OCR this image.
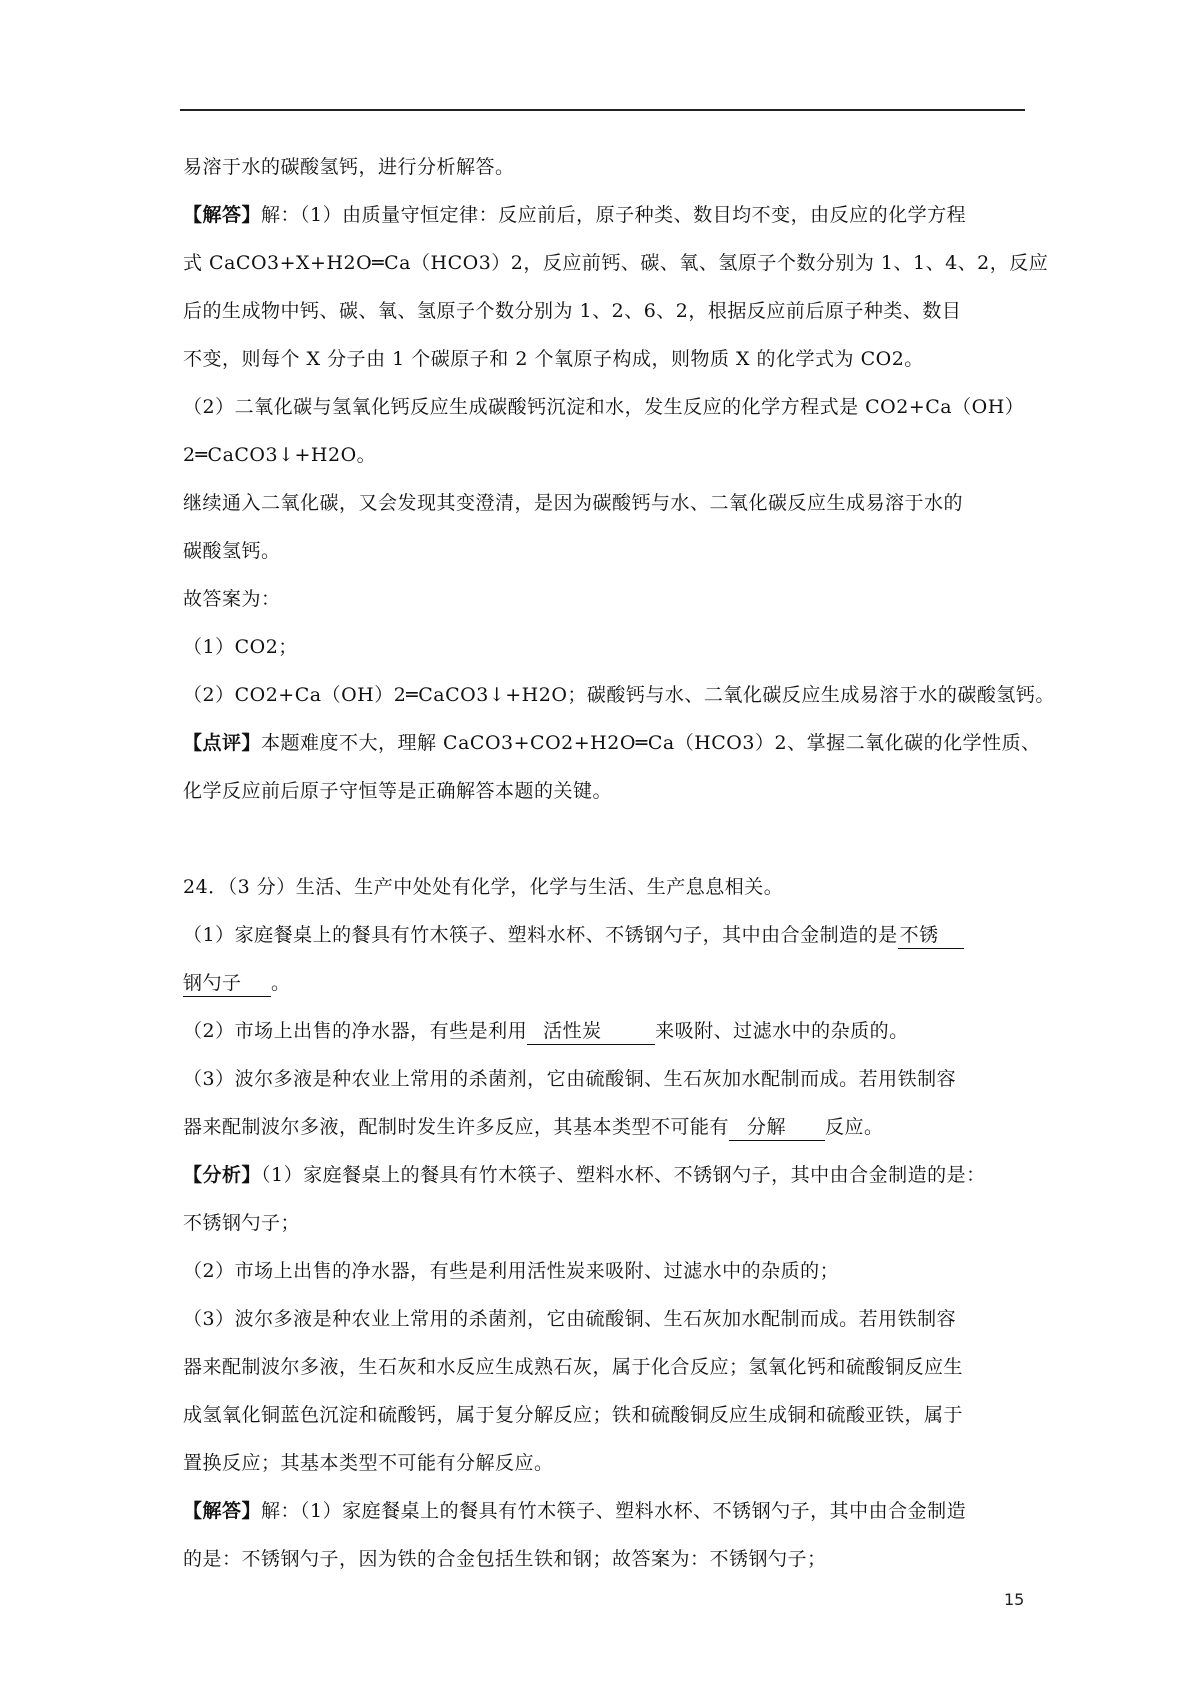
易溶于水的碳酸氢钙，进行分析解答。
【解答】解：（1）由质量守恒定律：反应前后，原子种类、数目均不变，由反应的化学方程
式 CaCO3+X+H2O═Ca（HCO3）2，反应前钙、碳、氧、氢原子个数分别为 1、1、4、2，反应
后的生成物中钙、碳、氧、氢原子个数分别为 1、2、6、2，根据反应前后原子种类、数目
不变，则每个 X 分子由 1 个碳原子和 2 个氧原子构成，则物质 X 的化学式为 CO2。
（2）二氧化碳与氢氧化钙反应生成碳酸钙沉淀和水，发生反应的化学方程式是 CO2+Ca（OH）
2═CaCO3↓+H2O。
继续通入二氧化碳，又会发现其变澄清，是因为碳酸钙与水、二氧化碳反应生成易溶于水的
碳酸氢钙。
故答案为：
（1）CO2；
（2）CO2+Ca（OH）2═CaCO3↓+H2O；碳酸钙与水、二氧化碳反应生成易溶于水的碳酸氢钙。
【点评】本题难度不大，理解 CaCO3+CO2+H2O═Ca（HCO3）2、掌握二氧化碳的化学性质、
化学反应前后原子守恒等是正确解答本题的关键。
24．（3 分）生活、生产中处处有化学，化学与生活、生产息息相关。
（1）家庭餐桌上的餐具有竹木筷子、塑料水杯、不锈钢勺子，其中由合金制造的是 不锈
钢勺子 。
（2）市场上出售的净水器，有些是利用 活性炭	来吸附、过滤水中的杂质的。
（3）波尔多液是种农业上常用的杀菌剂，它由硫酸铜、生石灰加水配制而成。若用铁制容
器来配制波尔多液，配制时发生许多反应，其基本类型不可能有 分解 反应。
【分析】（1）家庭餐桌上的餐具有竹木筷子、塑料水杯、不锈钢勺子，其中由合金制造的是：
不锈钢勺子；
（2）市场上出售的净水器，有些是利用活性炭来吸附、过滤水中的杂质的；
（3）波尔多液是种农业上常用的杀菌剂，它由硫酸铜、生石灰加水配制而成。若用铁制容
器来配制波尔多液，生石灰和水反应生成熟石灰，属于化合反应；氢氧化钙和硫酸铜反应生
成氢氧化铜蓝色沉淀和硫酸钙，属于复分解反应；铁和硫酸铜反应生成铜和硫酸亚铁，属于
置换反应；其基本类型不可能有分解反应。
【解答】解：（1）家庭餐桌上的餐具有竹木筷子、塑料水杯、不锈钢勺子，其中由合金制造
的是：不锈钢勺子，因为铁的合金包括生铁和钢；故答案为：不锈钢勺子；
15
